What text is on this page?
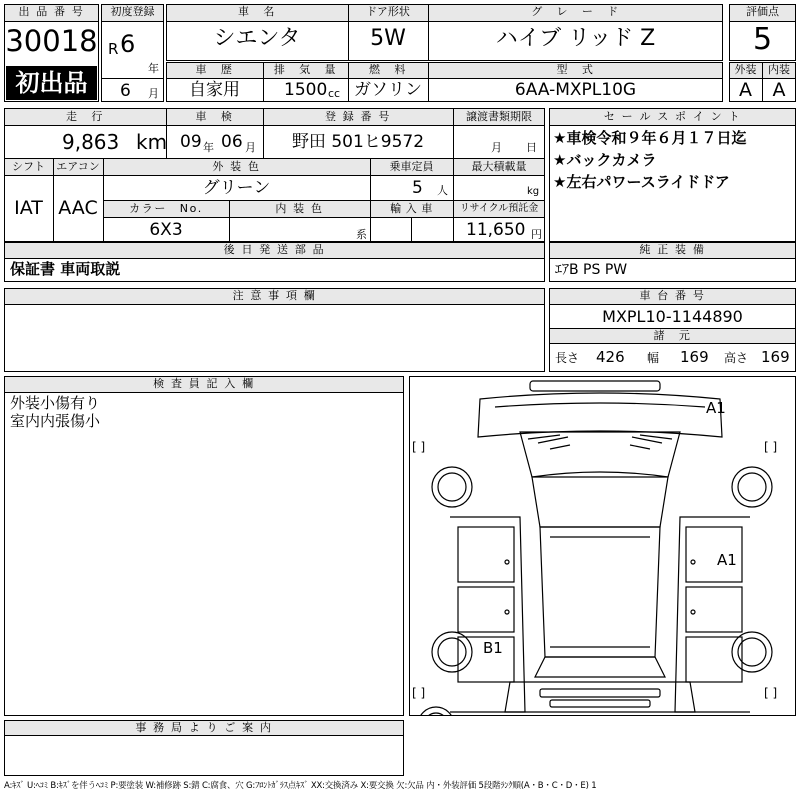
出 品 番 号
30018
初出品
初度登録
R 6
年
6 月
車　名
シエンタ
ドア形状
5W
グ　レ　ー　ド
ハイブ リッド Z
評価点
5
車　歴
自家用
排　気　量
1500 cc
燃　料
ガソリン
型　式
6AA-MXPL10G
外装	内装
A	A
走　行
9,863 km
車　検
09 年 06 月
登 録 番 号
野田 501ヒ9572
譲渡書類期限
月 日
シフト
IAT
エアコン
AAC
外 装 色
グリーン
乗車定員
5 人
最大積載量
kg
カラー　No.
6X3
内 装 色
系
輸 入 車	リサイクル預託金
11,650 円
後 日 発 送 部 品
保証書 車両取説
セ ー ル ス ポ イ ン ト
★車検令和９年６月１７日迄
★バックカメラ
★左右パワースライドドア
純 正 装 備
ｴｱB PS PW
注 意 事 項 欄	車 台 番 号
MXPL10-1144890
諸　元
長さ 426 幅 169 高さ 169
検 査 員 記 入 欄
外装小傷有り
室内内張傷小
[ ]	[ ]
[ ]	[ ]
A1
A1
B1
事 務 局 よ り ご 案 内
A:ｷｽﾞ U:ﾍｺﾐ B:ｷｽﾞを伴うﾍｺﾐ P:要塗装 W:補修跡 S:錆 C:腐食、穴 G:ﾌﾛﾝﾄｶﾞﾗｽ点ｷｽﾞ XX:交換済み X:要交換 欠:欠品 内・外装評価 5段階ﾗﾝｸ順(A・B・C・D・E) 1
